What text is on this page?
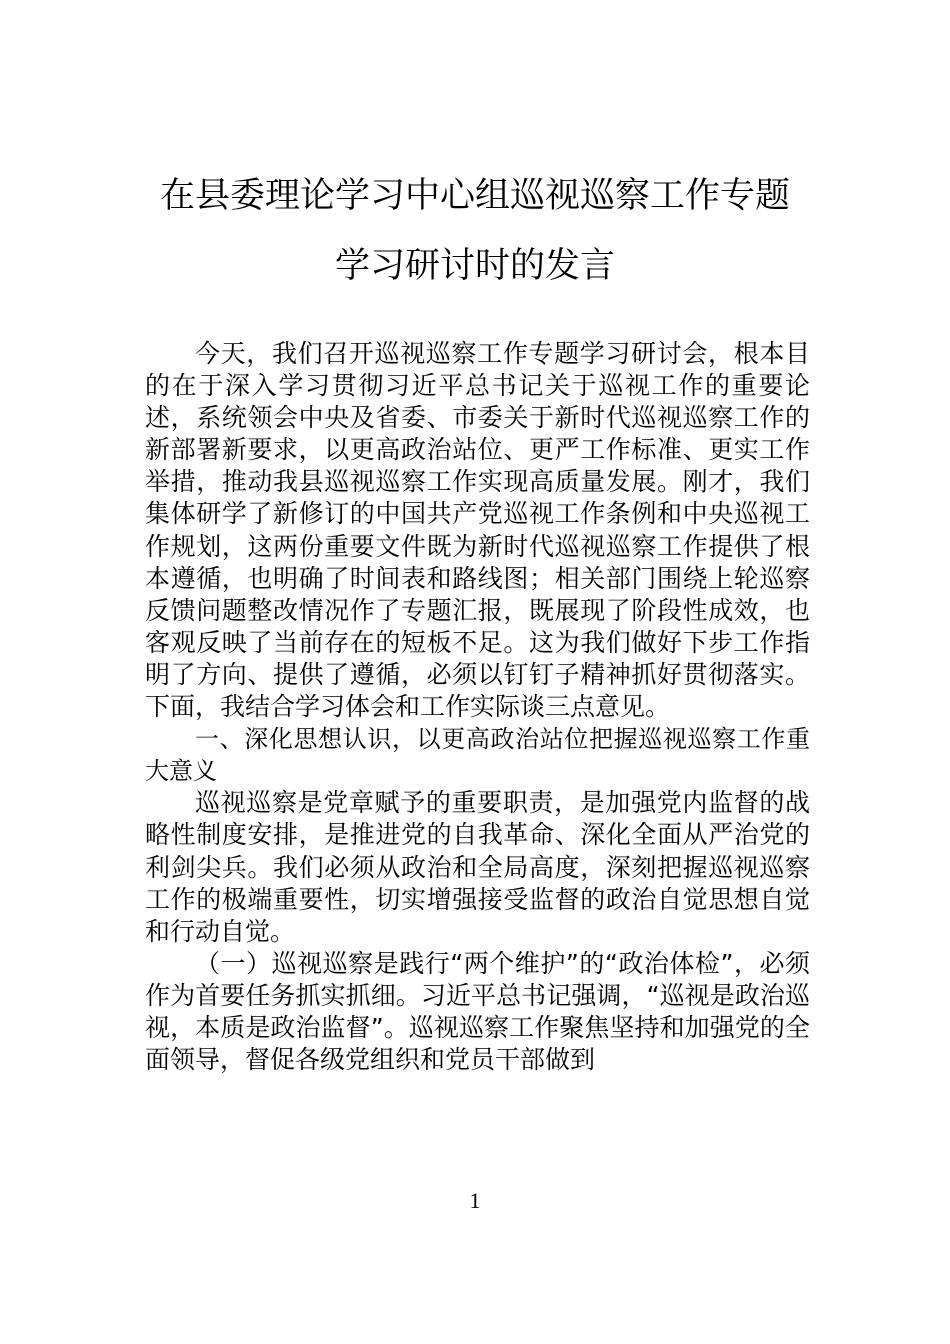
在县委理论学习中心组巡视巡察工作专题
学习研讨时的发言

今天，我们召开巡视巡察工作专题学习研讨会，根本目的在于深入学习贯彻习近平总书记关于巡视工作的重要论述，系统领会中央及省委、市委关于新时代巡视巡察工作的新部署新要求，以更高政治站位、更严工作标准、更实工作举措，推动我县巡视巡察工作实现高质量发展。刚才，我们集体研学了新修订的中国共产党巡视工作条例和中央巡视工作规划，这两份重要文件既为新时代巡视巡察工作提供了根本遵循，也明确了时间表和路线图；相关部门围绕上轮巡察反馈问题整改情况作了专题汇报，既展现了阶段性成效，也客观反映了当前存在的短板不足。这为我们做好下步工作指明了方向、提供了遵循，必须以钉钉子精神抓好贯彻落实。下面，我结合学习体会和工作实际谈三点意见。

一、深化思想认识，以更高政治站位把握巡视巡察工作重大意义

巡视巡察是党章赋予的重要职责，是加强党内监督的战略性制度安排，是推进党的自我革命、深化全面从严治党的利剑尖兵。我们必须从政治和全局高度，深刻把握巡视巡察工作的极端重要性，切实增强接受监督的政治自觉思想自觉和行动自觉。

（一）巡视巡察是践行“两个维护”的“政治体检”，必须作为首要任务抓实抓细。习近平总书记强调，“巡视是政治巡视，本质是政治监督”。巡视巡察工作聚焦坚持和加强党的全面领导，督促各级党组织和党员干部做到

1
